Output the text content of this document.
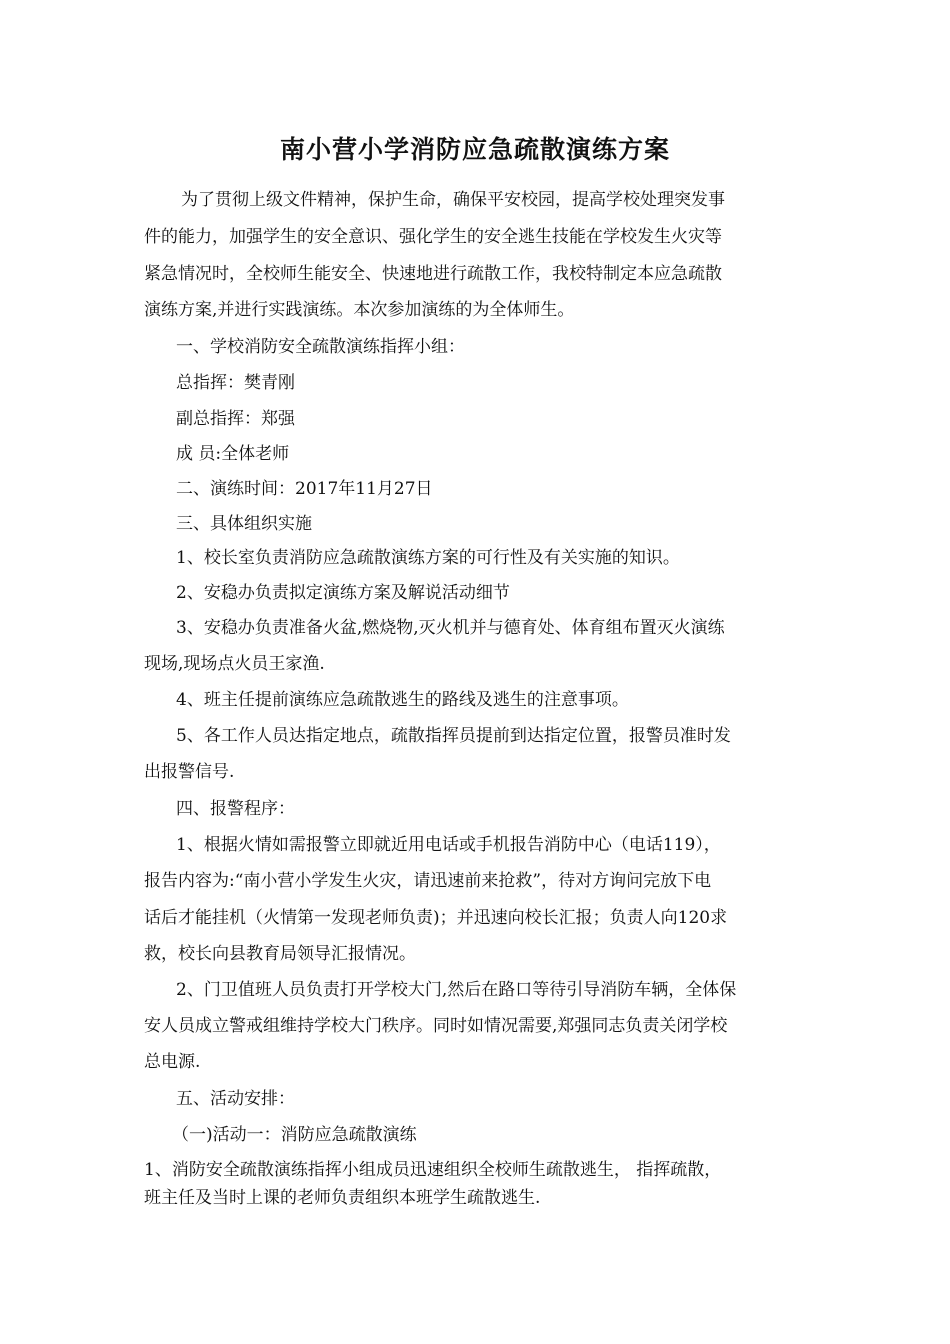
南小营小学消防应急疏散演练方案
为了贯彻上级文件精神，保护生命，确保平安校园，提高学校处理突发事
件的能力，加强学生的安全意识、强化学生的安全逃生技能在学校发生火灾等
紧急情况时，全校师生能安全、快速地进行疏散工作，我校特制定本应急疏散
演练方案,并进行实践演练。本次参加演练的为全体师生。
一、学校消防安全疏散演练指挥小组：
总指挥：樊青刚
副总指挥：郑强
成 员:全体老师
二、演练时间：2017年11月27日
三、具体组织实施
1、校长室负责消防应急疏散演练方案的可行性及有关实施的知识。
2、安稳办负责拟定演练方案及解说活动细节
3、安稳办负责准备火盆,燃烧物,灭火机并与德育处、体育组布置灭火演练
现场,现场点火员王家渔.
4、班主任提前演练应急疏散逃生的路线及逃生的注意事项。
5、各工作人员达指定地点，疏散指挥员提前到达指定位置，报警员准时发
出报警信号.
四、报警程序：
1、根据火情如需报警立即就近用电话或手机报告消防中心（电话119），
报告内容为:“南小营小学发生火灾，请迅速前来抢救”，待对方询问完放下电
话后才能挂机（火情第一发现老师负责)；并迅速向校长汇报；负责人向120求
救，校长向县教育局领导汇报情况。
2、门卫值班人员负责打开学校大门,然后在路口等待引导消防车辆，全体保
安人员成立警戒组维持学校大门秩序。同时如情况需要,郑强同志负责关闭学校
总电源.
五、活动安排：
（一)活动一：消防应急疏散演练
1、消防安全疏散演练指挥小组成员迅速组织全校师生疏散逃生， 指挥疏散，
班主任及当时上课的老师负责组织本班学生疏散逃生.
